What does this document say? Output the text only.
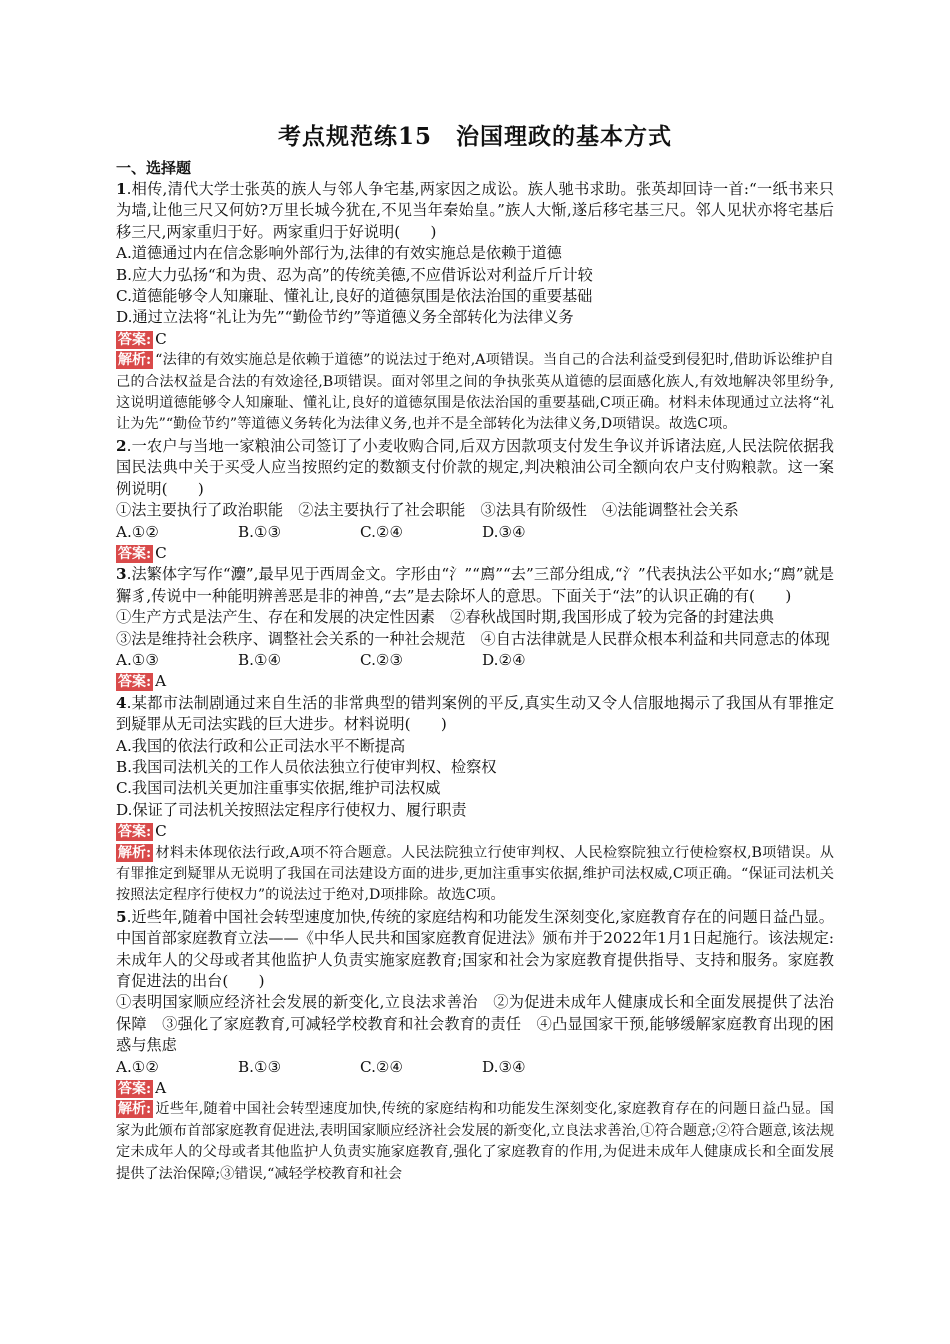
考点规范练15　治国理政的基本方式
一、选择题

1.相传,清代大学士张英的族人与邻人争宅基,两家因之成讼。族人驰书求助。张英却回诗一首:“一纸书来只为墙,让他三尺又何妨?万里长城今犹在,不见当年秦始皇。”族人大惭,遂后移宅基三尺。邻人见状亦将宅基后移三尺,两家重归于好。两家重归于好说明(　　)

A.道德通过内在信念影响外部行为,法律的有效实施总是依赖于道德

B.应大力弘扬“和为贵、忍为高”的传统美德,不应借诉讼对利益斤斤计较

C.道德能够令人知廉耻、懂礼让,良好的道德氛围是依法治国的重要基础

D.通过立法将“礼让为先”“勤俭节约”等道德义务全部转化为法律义务

答案: C

解析: “法律的有效实施总是依赖于道德”的说法过于绝对,A项错误。当自己的合法利益受到侵犯时,借助诉讼维护自己的合法权益是合法的有效途径,B项错误。面对邻里之间的争执张英从道德的层面感化族人,有效地解决邻里纷争,这说明道德能够令人知廉耻、懂礼让,良好的道德氛围是依法治国的重要基础,C项正确。材料未体现通过立法将“礼让为先”“勤俭节约”等道德义务转化为法律义务,也并不是全部转化为法律义务,D项错误。故选C项。

2.一农户与当地一家粮油公司签订了小麦收购合同,后双方因款项支付发生争议并诉诸法庭,人民法院依据我国民法典中关于买受人应当按照约定的数额支付价款的规定,判决粮油公司全额向农户支付购粮款。这一案例说明(　　)

①法主要执行了政治职能　②法主要执行了社会职能　③法具有阶级性　④法能调整社会关系

A.①②	B.①③	C.②④	D.③④

答案: C

3.法繁体字写作“灋”,最早见于西周金文。字形由“氵”“廌”“去”三部分组成,“氵”代表执法公平如水;“廌”就是獬豸,传说中一种能明辨善恶是非的神兽,“去”是去除坏人的意思。下面关于“法”的认识正确的有(　　)

①生产方式是法产生、存在和发展的决定性因素　②春秋战国时期,我国形成了较为完备的封建法典

③法是维持社会秩序、调整社会关系的一种社会规范　④自古法律就是人民群众根本利益和共同意志的体现

A.①③	B.①④	C.②③	D.②④

答案: A

4.某都市法制剧通过来自生活的非常典型的错判案例的平反,真实生动又令人信服地揭示了我国从有罪推定到疑罪从无司法实践的巨大进步。材料说明(　　)

A.我国的依法行政和公正司法水平不断提高

B.我国司法机关的工作人员依法独立行使审判权、检察权

C.我国司法机关更加注重事实依据,维护司法权威

D.保证了司法机关按照法定程序行使权力、履行职责

答案: C

解析: 材料未体现依法行政,A项不符合题意。人民法院独立行使审判权、人民检察院独立行使检察权,B项错误。从有罪推定到疑罪从无说明了我国在司法建设方面的进步,更加注重事实依据,维护司法权威,C项正确。“保证司法机关按照法定程序行使权力”的说法过于绝对,D项排除。故选C项。

5.近些年,随着中国社会转型速度加快,传统的家庭结构和功能发生深刻变化,家庭教育存在的问题日益凸显。中国首部家庭教育立法——《中华人民共和国家庭教育促进法》颁布并于2022年1月1日起施行。该法规定:未成年人的父母或者其他监护人负责实施家庭教育;国家和社会为家庭教育提供指导、支持和服务。家庭教育促进法的出台(　　)

①表明国家顺应经济社会发展的新变化,立良法求善治　②为促进未成年人健康成长和全面发展提供了法治保障　③强化了家庭教育,可减轻学校教育和社会教育的责任　④凸显国家干预,能够缓解家庭教育出现的困惑与焦虑

A.①②	B.①③	C.②④	D.③④

答案: A

解析: 近些年,随着中国社会转型速度加快,传统的家庭结构和功能发生深刻变化,家庭教育存在的问题日益凸显。国家为此颁布首部家庭教育促进法,表明国家顺应经济社会发展的新变化,立良法求善治,①符合题意;②符合题意,该法规定未成年人的父母或者其他监护人负责实施家庭教育,强化了家庭教育的作用,为促进未成年人健康成长和全面发展提供了法治保障;③错误,“减轻学校教育和社会
